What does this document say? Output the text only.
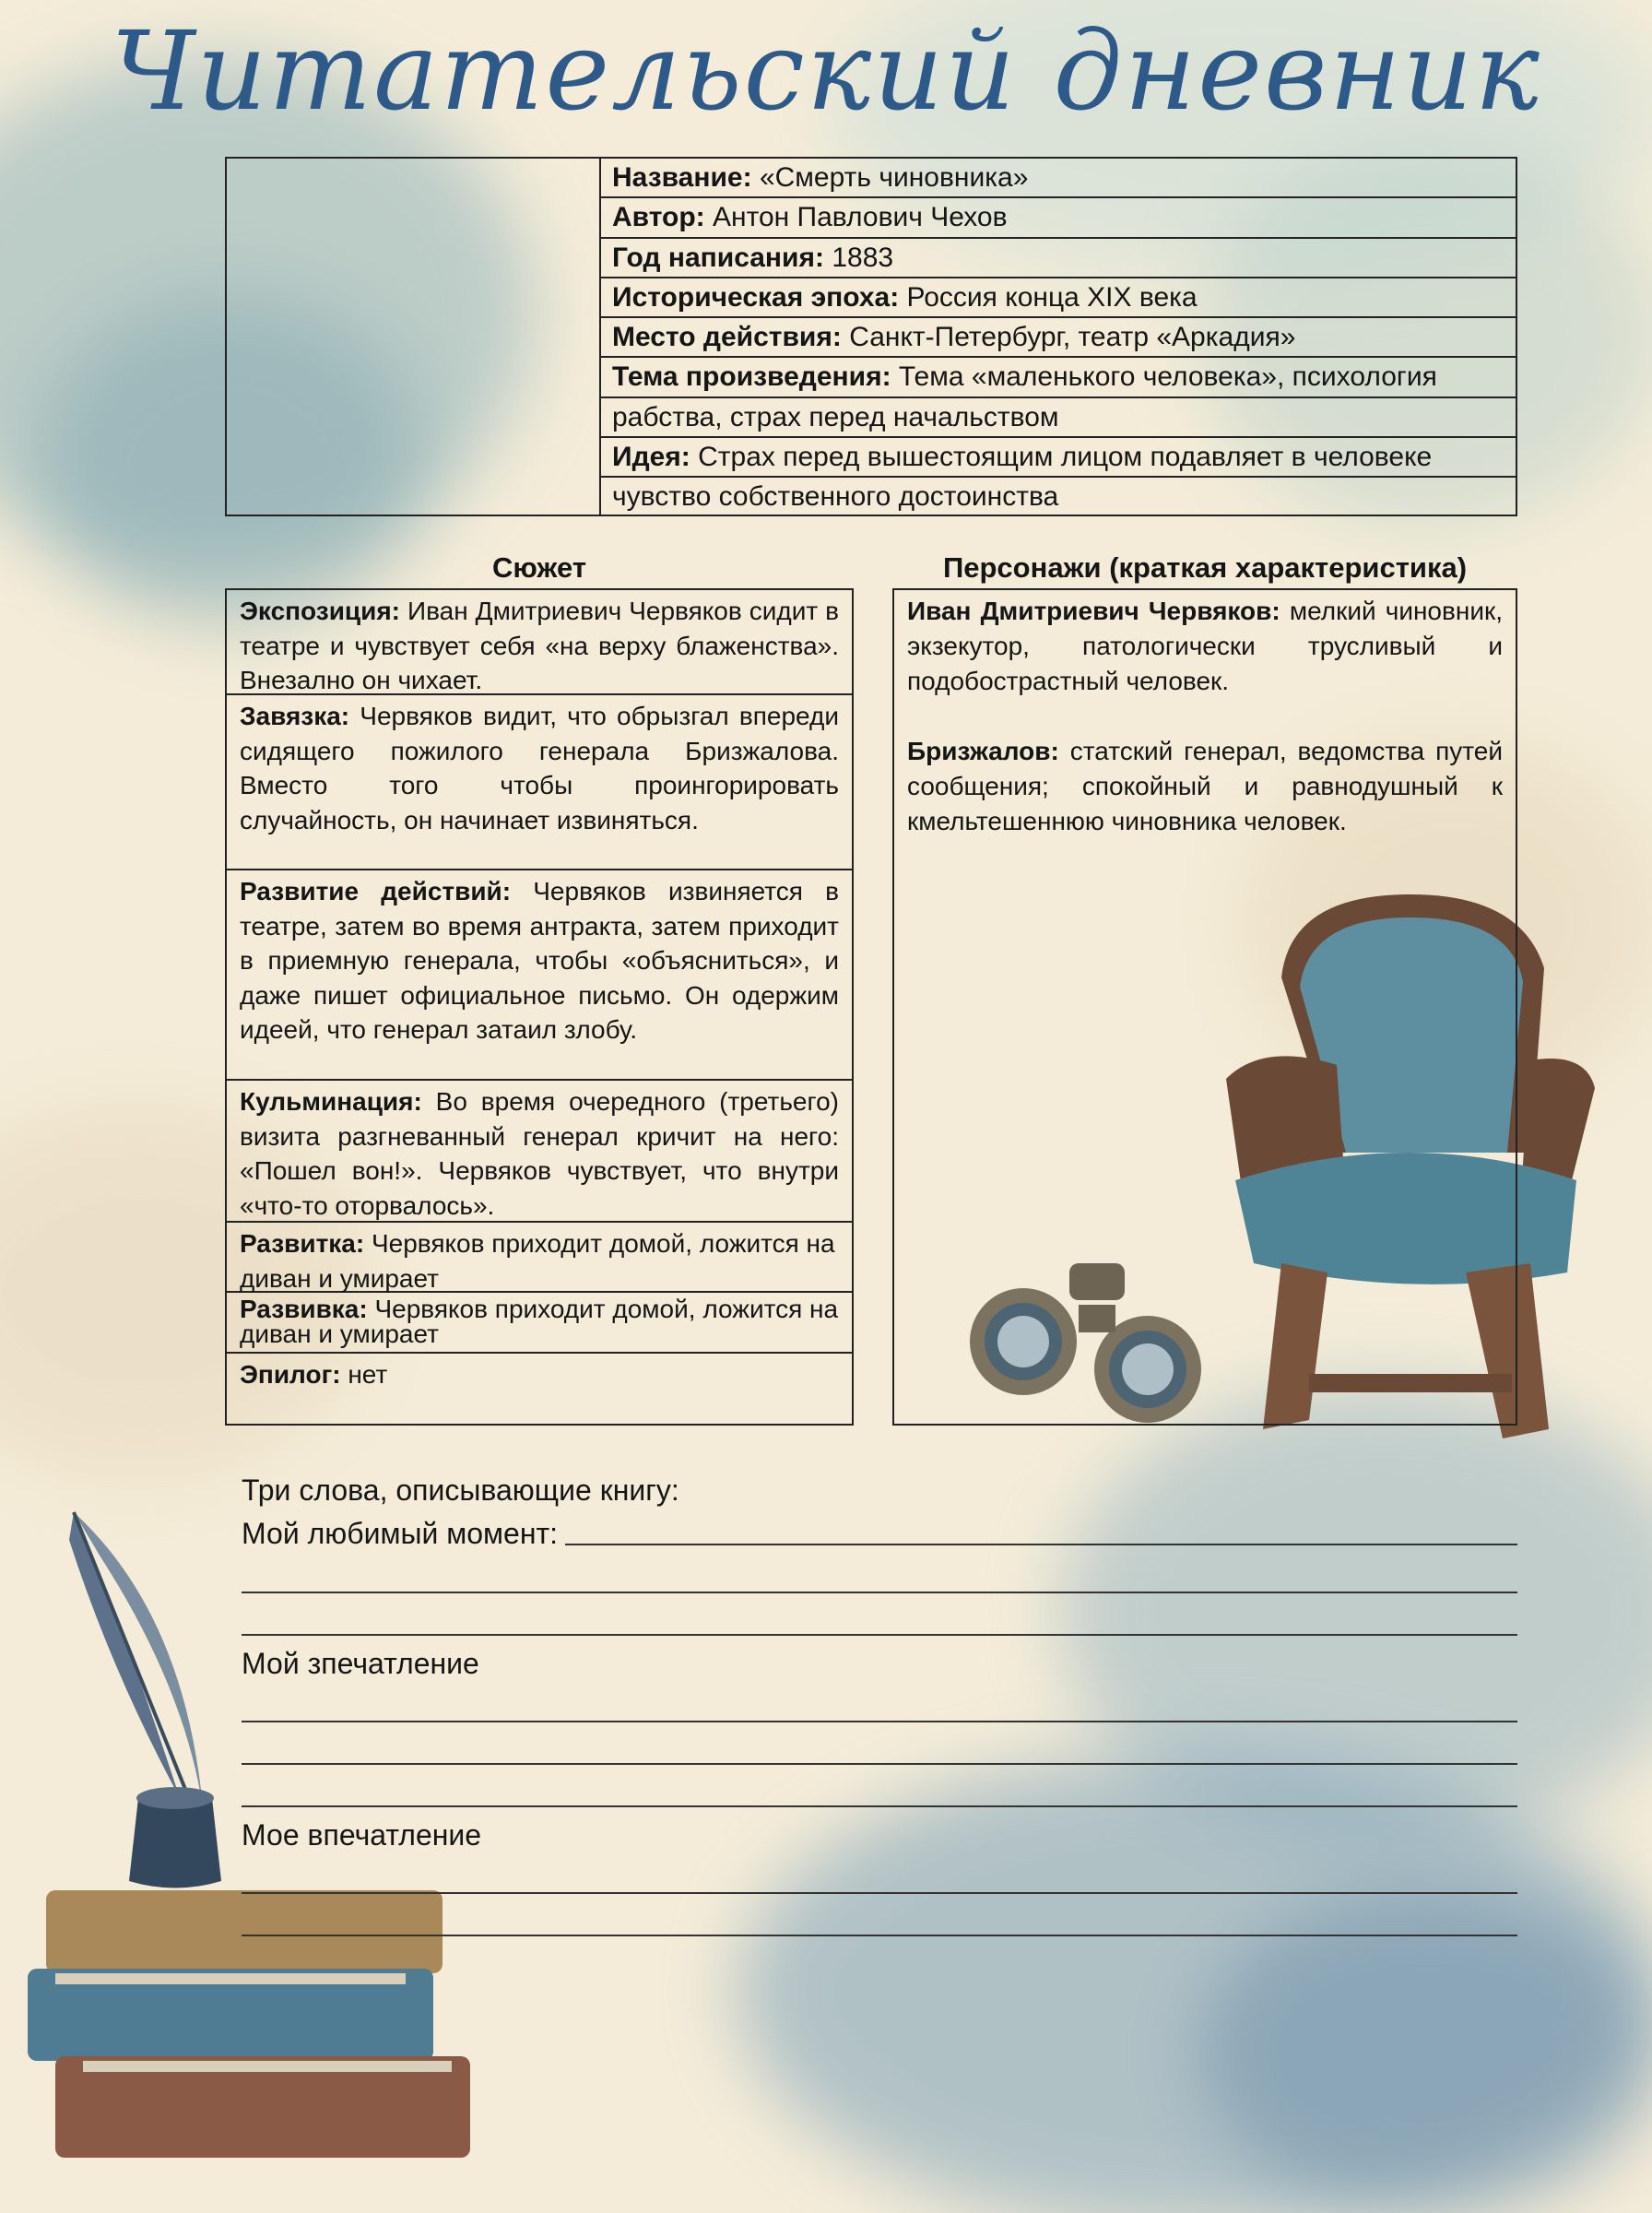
Читательский дневник
Название: «Смерть чиновника»
Автор: Антон Павлович Чехов
Год написания: 1883
Историческая эпоха: Россия конца XIX века
Место действия: Санкт-Петербург, театр «Аркадия»
Тема произведения: Тема «маленького человека», психология
рабства, страх перед начальством
Идея: Страх перед вышестоящим лицом подавляет в человеке
чувство собственного достоинства
Сюжет	Персонажи (краткая характеристика)
Экспозиция: Иван Дмитриевич Червяков сидит в театре и чувствует себя «на верху блаженства». Внезално он чихает.
Завязка: Червяков видит, что обрызгал впереди сидящего пожилого генерала Бризжалова. Вместо того чтобы проингорировать случайность, он начинает извиняться.
Развитие действий: Червяков извиняется в театре, затем во время антракта, затем приходит в приемную генерала, чтобы «объясниться», и даже пишет официальное письмо. Он одержим идеей, что генерал затаил злобу.
Кульминация: Во время очередного (третьего) визита разгневанный генерал кричит на него: «Пошел вон!». Червяков чувствует, что внутри «что-то оторвалось».
Развитка: Червяков приходит домой, ложится на диван и умирает
Развивка: Червяков приходит домой, ложится на диван и умирает
Эпилог: нет

Иван Дмитриевич Червяков: мелкий чиновник, экзекутор, патологически трусливый и подобострастный человек.

Бризжалов: статский генерал, ведомства путей сообщения; спокойный и равнодушный к кмельтешеннюю чиновника человек.

Три слова, описывающие книгу:
Мой любимый момент:
Мой зпечатление
Мое впечатление
